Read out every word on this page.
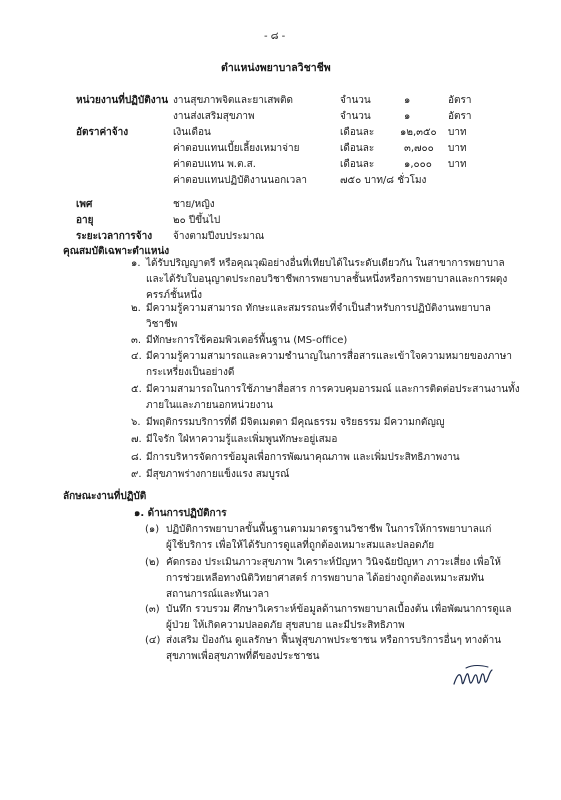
- ๘ -
ตำแหน่งพยาบาลวิชาชีพ
หน่วยงานที่ปฏิบัติงาน งานสุขภาพจิตและยาเสพติด	จำนวน	๑	อัตรา
งานส่งเสริมสุขภาพ	จำนวน	๑	อัตรา
อัตราค่าจ้าง	เงินเดือน	เดือนละ	๑๒,๓๕๐ บาท
ค่าตอบแทนเบี้ยเลี้ยงเหมาจ่าย	เดือนละ	๓,๗๐๐ บาท
ค่าตอบแทน พ.ต.ส.	เดือนละ	๑,๐๐๐ บาท
ค่าตอบแทนปฏิบัติงานนอกเวลา	๗๕๐ บาท/๘ ชั่วโมง
เพศ	ชาย/หญิง
อายุ	๒๐ ปีขึ้นไป
ระยะเวลาการจ้าง จ้างตามปีงบประมาณ
คุณสมบัติเฉพาะตำแหน่ง
๑. ได้รับปริญญาตรี หรือคุณวุฒิอย่างอื่นที่เทียบได้ในระดับเดียวกัน ในสาขาการพยาบาล
และได้รับใบอนุญาตประกอบวิชาชีพการพยาบาลชั้นหนึ่งหรือการพยาบาลและการผดุง
ครรภ์ชั้นหนึ่ง
๒. มีความรู้ความสามารถ ทักษะและสมรรถนะที่จำเป็นสำหรับการปฏิบัติงานพยาบาล
วิชาชีพ
๓. มีทักษะการใช้คอมพิวเตอร์พื้นฐาน (MS-office)
๔. มีความรู้ความสามารถและความชำนาญในการสื่อสารและเข้าใจความหมายของภาษา
กระเหรี่ยงเป็นอย่างดี
๕. มีความสามารถในการใช้ภาษาสื่อสาร การควบคุมอารมณ์ และการติดต่อประสานงานทั้ง
ภายในและภายนอกหน่วยงาน
๖. มีพฤติกรรมบริการที่ดี มีจิตเมตตา มีคุณธรรม จริยธรรม มีความกตัญญู
๗. มีใจรัก ใฝ่หาความรู้และเพิ่มพูนทักษะอยู่เสมอ
๘. มีการบริหารจัดการข้อมูลเพื่อการพัฒนาคุณภาพ และเพิ่มประสิทธิภาพงาน
๙. มีสุขภาพร่างกายแข็งแรง สมบูรณ์
ลักษณะงานที่ปฏิบัติ
๑. ด้านการปฏิบัติการ
(๑) ปฏิบัติการพยาบาลขั้นพื้นฐานตามมาตรฐานวิชาชีพ ในการให้การพยาบาลแก่
ผู้ใช้บริการ เพื่อให้ได้รับการดูแลที่ถูกต้องเหมาะสมและปลอดภัย
(๒) คัดกรอง ประเมินภาวะสุขภาพ วิเคราะห์ปัญหา วินิจฉัยปัญหา ภาวะเสี่ยง เพื่อให้
การช่วยเหลือทางนิติวิทยาศาสตร์ การพยาบาล ได้อย่างถูกต้องเหมาะสมทัน
สถานการณ์และทันเวลา
(๓) บันทึก รวบรวม ศึกษาวิเคราะห์ข้อมูลด้านการพยาบาลเบื้องต้น เพื่อพัฒนาการดูแล
ผู้ป่วย ให้เกิดความปลอดภัย สุขสบาย และมีประสิทธิภาพ
(๔) ส่งเสริม ป้องกัน ดูแลรักษา ฟื้นฟูสุขภาพประชาชน หรือการบริการอื่นๆ ทางด้าน
สุขภาพเพื่อสุขภาพที่ดีของประชาชน
